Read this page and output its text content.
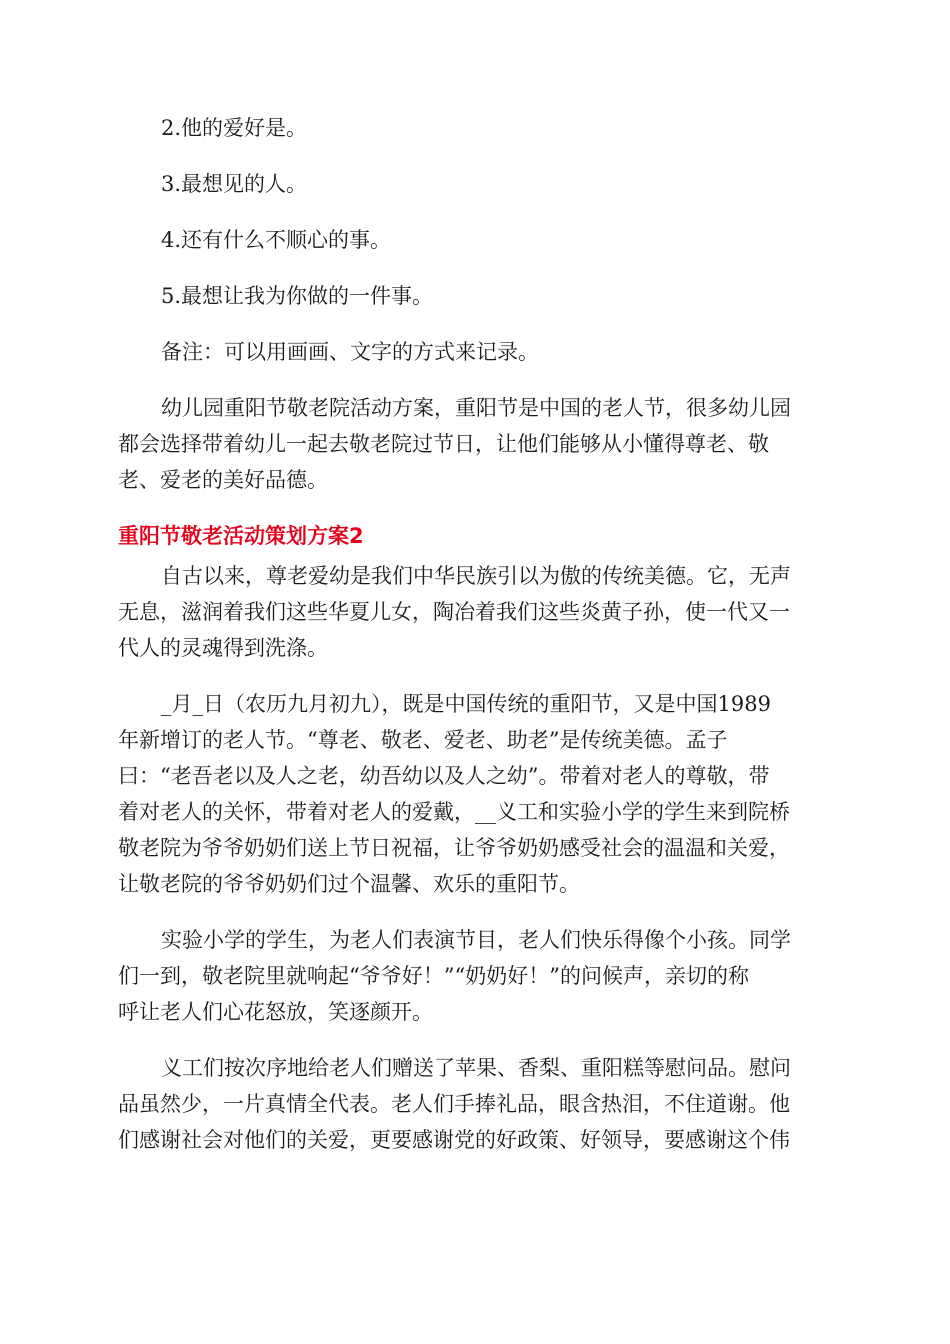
2.他的爱好是。

3.最想见的人。

4.还有什么不顺心的事。

5.最想让我为你做的一件事。

备注：可以用画画、文字的方式来记录。

幼儿园重阳节敬老院活动方案，重阳节是中国的老人节，很多幼儿园
都会选择带着幼儿一起去敬老院过节日，让他们能够从小懂得尊老、敬
老、爱老的美好品德。
重阳节敬老活动策划方案2
自古以来，尊老爱幼是我们中华民族引以为傲的传统美德。它，无声
无息，滋润着我们这些华夏儿女，陶冶着我们这些炎黄子孙，使一代又一
代人的灵魂得到洗涤。
_月_日（农历九月初九），既是中国传统的重阳节，又是中国1989
年新增订的老人节。“尊老、敬老、爱老、助老”是传统美德。孟子
曰：“老吾老以及人之老，幼吾幼以及人之幼”。带着对老人的尊敬，带
着对老人的关怀，带着对老人的爱戴，__义工和实验小学的学生来到院桥
敬老院为爷爷奶奶们送上节日祝福，让爷爷奶奶感受社会的温温和关爱，
让敬老院的爷爷奶奶们过个温馨、欢乐的重阳节。
实验小学的学生，为老人们表演节目，老人们快乐得像个小孩。同学
们一到，敬老院里就响起“爷爷好！”“奶奶好！”的问候声，亲切的称
呼让老人们心花怒放，笑逐颜开。
义工们按次序地给老人们赠送了苹果、香梨、重阳糕等慰问品。慰问
品虽然少，一片真情全代表。老人们手捧礼品，眼含热泪，不住道谢。他
们感谢社会对他们的关爱，更要感谢党的好政策、好领导，要感谢这个伟
